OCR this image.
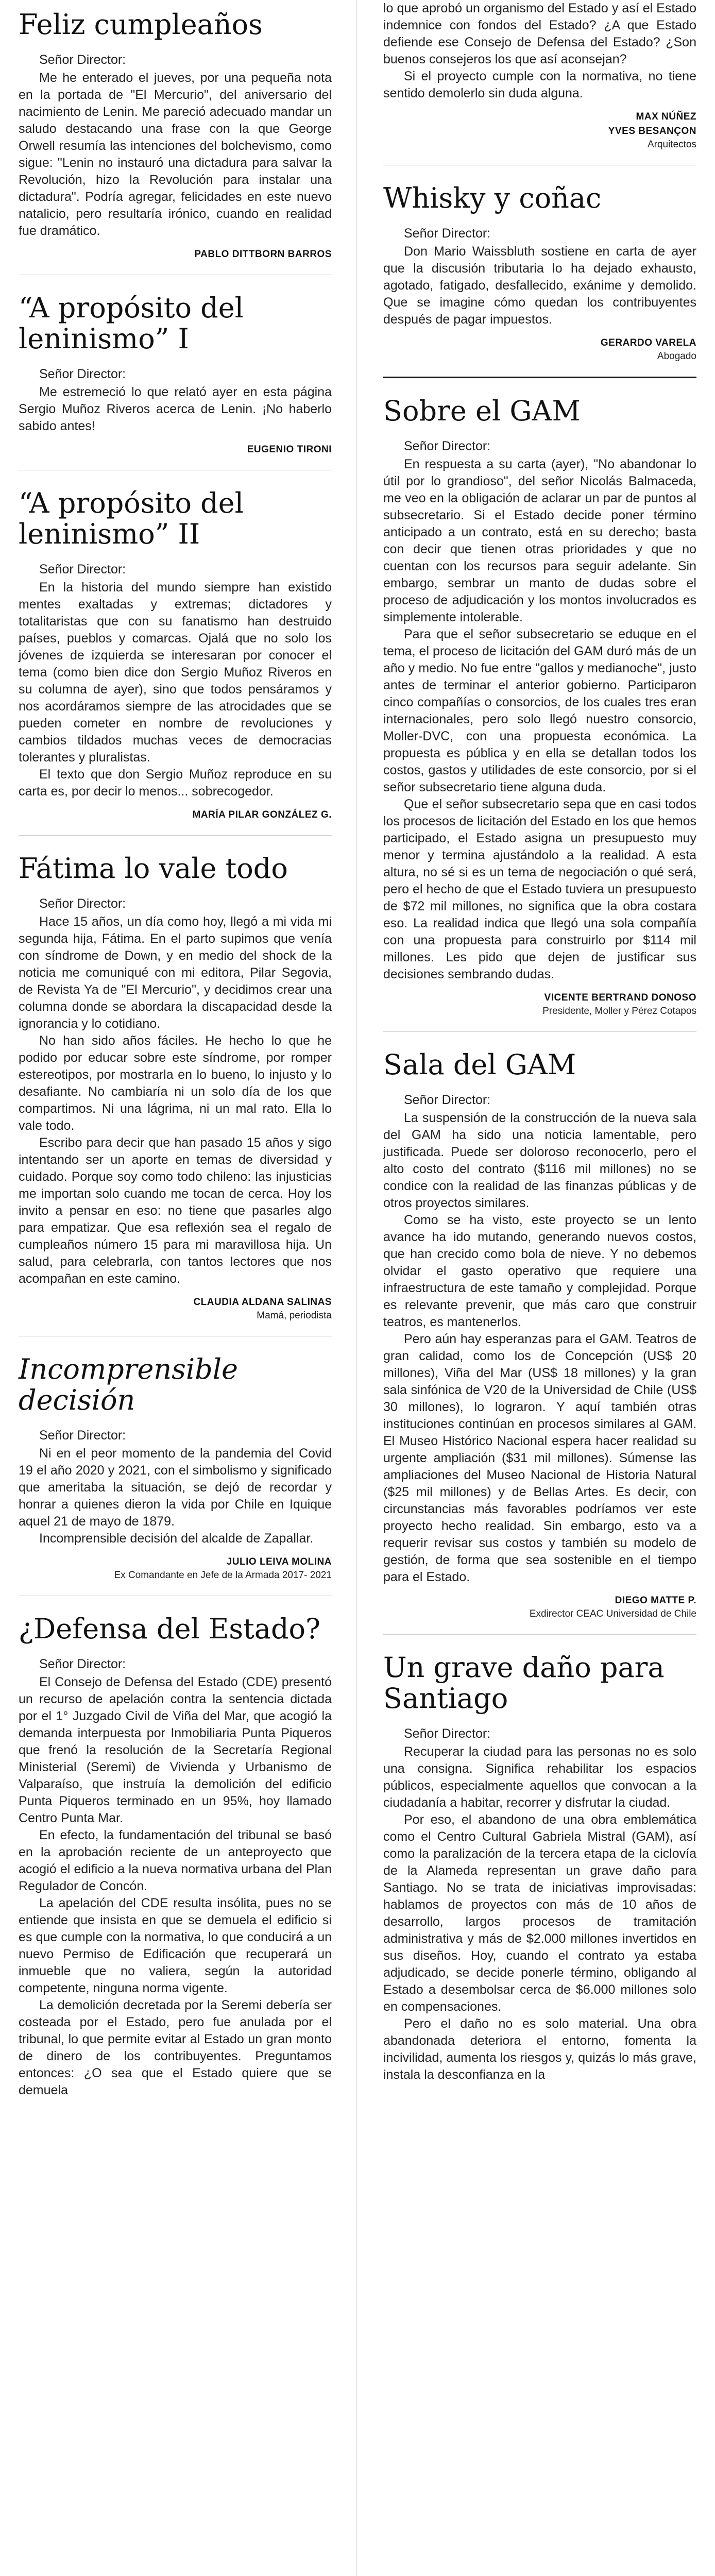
Feliz cumpleaños

Señor Director:

Me he enterado el jueves, por una pequeña nota en la portada de "El Mercurio", del aniversario del nacimiento de Lenin. Me pareció adecuado mandar un saludo destacando una frase con la que George Orwell resumía las intenciones del bolchevismo, como sigue: "Lenin no instauró una dictadura para salvar la Revolución, hizo la Revolución para instalar una dictadura". Podría agregar, felicidades en este nuevo natalicio, pero resultaría irónico, cuando en realidad fue dramático.

PABLO DITTBORN BARROS

“A propósito del leninismo” I

Señor Director:

Me estremeció lo que relató ayer en esta página Sergio Muñoz Riveros acerca de Lenin. ¡No haberlo sabido antes!

EUGENIO TIRONI

“A propósito del leninismo” II

Señor Director:

En la historia del mundo siempre han existido mentes exaltadas y extremas; dictadores y totalitaristas que con su fanatismo han destruido países, pueblos y comarcas. Ojalá que no solo los jóvenes de izquierda se interesaran por conocer el tema (como bien dice don Sergio Muñoz Riveros en su columna de ayer), sino que todos pensáramos y nos acordáramos siempre de las atrocidades que se pueden cometer en nombre de revoluciones y cambios tildados muchas veces de democracias tolerantes y pluralistas.

El texto que don Sergio Muñoz reproduce en su carta es, por decir lo menos... sobrecogedor.

MARÍA PILAR GONZÁLEZ G.

Fátima lo vale todo

Señor Director:

Hace 15 años, un día como hoy, llegó a mi vida mi segunda hija, Fátima. En el parto supimos que venía con síndrome de Down, y en medio del shock de la noticia me comuniqué con mi editora, Pilar Segovia, de Revista Ya de "El Mercurio", y decidimos crear una columna donde se abordara la discapacidad desde la ignorancia y lo cotidiano.

No han sido años fáciles. He hecho lo que he podido por educar sobre este síndrome, por romper estereotipos, por mostrarla en lo bueno, lo injusto y lo desafiante. No cambiaría ni un solo día de los que compartimos. Ni una lágrima, ni un mal rato. Ella lo vale todo.

Escribo para decir que han pasado 15 años y sigo intentando ser un aporte en temas de diversidad y cuidado. Porque soy como todo chileno: las injusticias me importan solo cuando me tocan de cerca. Hoy los invito a pensar en eso: no tiene que pasarles algo para empatizar. Que esa reflexión sea el regalo de cumpleaños número 15 para mi maravillosa hija. Un salud, para celebrarla, con tantos lectores que nos acompañan en este camino.

CLAUDIA ALDANA SALINAS

Mamá, periodista

Incomprensible decisión

Señor Director:

Ni en el peor momento de la pandemia del Covid 19 el año 2020 y 2021, con el simbolismo y significado que ameritaba la situación, se dejó de recordar y honrar a quienes dieron la vida por Chile en Iquique aquel 21 de mayo de 1879.

Incomprensible decisión del alcalde de Zapallar.

JULIO LEIVA MOLINA

Ex Comandante en Jefe de la Armada 2017- 2021

¿Defensa del Estado?

Señor Director:

El Consejo de Defensa del Estado (CDE) presentó un recurso de apelación contra la sentencia dictada por el 1° Juzgado Civil de Viña del Mar, que acogió la demanda interpuesta por Inmobiliaria Punta Piqueros que frenó la resolución de la Secretaría Regional Ministerial (Seremi) de Vivienda y Urbanismo de Valparaíso, que instruía la demolición del edificio Punta Piqueros terminado en un 95%, hoy llamado Centro Punta Mar.

En efecto, la fundamentación del tribunal se basó en la aprobación reciente de un anteproyecto que acogió el edificio a la nueva normativa urbana del Plan Regulador de Concón.

La apelación del CDE resulta insólita, pues no se entiende que insista en que se demuela el edificio si es que cumple con la normativa, lo que conducirá a un nuevo Permiso de Edificación que recuperará un inmueble que no valiera, según la autoridad competente, ninguna norma vigente.

La demolición decretada por la Seremi debería ser costeada por el Estado, pero fue anulada por el tribunal, lo que permite evitar al Estado un gran monto de dinero de los contribuyentes. Preguntamos entonces: ¿O sea que el Estado quiere que se demuela

lo que aprobó un organismo del Estado y así el Estado indemnice con fondos del Estado? ¿A que Estado defiende ese Consejo de Defensa del Estado? ¿Son buenos consejeros los que así aconsejan?

Si el proyecto cumple con la normativa, no tiene sentido demolerlo sin duda alguna.

MAX NÚÑEZ

YVES BESANÇON

Arquitectos

Whisky y coñac

Señor Director:

Don Mario Waissbluth sostiene en carta de ayer que la discusión tributaria lo ha dejado exhausto, agotado, fatigado, desfallecido, exánime y demolido. Que se imagine cómo quedan los contribuyentes después de pagar impuestos.

GERARDO VARELA

Abogado

Sobre el GAM

Señor Director:

En respuesta a su carta (ayer), "No abandonar lo útil por lo grandioso", del señor Nicolás Balmaceda, me veo en la obligación de aclarar un par de puntos al subsecretario. Si el Estado decide poner término anticipado a un contrato, está en su derecho; basta con decir que tienen otras prioridades y que no cuentan con los recursos para seguir adelante. Sin embargo, sembrar un manto de dudas sobre el proceso de adjudicación y los montos involucrados es simplemente intolerable.

Para que el señor subsecretario se eduque en el tema, el proceso de licitación del GAM duró más de un año y medio. No fue entre "gallos y medianoche", justo antes de terminar el anterior gobierno. Participaron cinco compañías o consorcios, de los cuales tres eran internacionales, pero solo llegó nuestro consorcio, Moller-DVC, con una propuesta económica. La propuesta es pública y en ella se detallan todos los costos, gastos y utilidades de este consorcio, por si el señor subsecretario tiene alguna duda.

Que el señor subsecretario sepa que en casi todos los procesos de licitación del Estado en los que hemos participado, el Estado asigna un presupuesto muy menor y termina ajustándolo a la realidad. A esta altura, no sé si es un tema de negociación o qué será, pero el hecho de que el Estado tuviera un presupuesto de $72 mil millones, no significa que la obra costara eso. La realidad indica que llegó una sola compañía con una propuesta para construirlo por $114 mil millones. Les pido que dejen de justificar sus decisiones sembrando dudas.

VICENTE BERTRAND DONOSO

Presidente, Moller y Pérez Cotapos

Sala del GAM

Señor Director:

La suspensión de la construcción de la nueva sala del GAM ha sido una noticia lamentable, pero justificada. Puede ser doloroso reconocerlo, pero el alto costo del contrato ($116 mil millones) no se condice con la realidad de las finanzas públicas y de otros proyectos similares.

Como se ha visto, este proyecto se un lento avance ha ido mutando, generando nuevos costos, que han crecido como bola de nieve. Y no debemos olvidar el gasto operativo que requiere una infraestructura de este tamaño y complejidad. Porque es relevante prevenir, que más caro que construir teatros, es mantenerlos.

Pero aún hay esperanzas para el GAM. Teatros de gran calidad, como los de Concepción (US$ 20 millones), Viña del Mar (US$ 18 millones) y la gran sala sinfónica de V20 de la Universidad de Chile (US$ 30 millones), lo lograron. Y aquí también otras instituciones continúan en procesos similares al GAM. El Museo Histórico Nacional espera hacer realidad su urgente ampliación ($31 mil millones). Súmense las ampliaciones del Museo Nacional de Historia Natural ($25 mil millones) y de Bellas Artes. Es decir, con circunstancias más favorables podríamos ver este proyecto hecho realidad. Sin embargo, esto va a requerir revisar sus costos y también su modelo de gestión, de forma que sea sostenible en el tiempo para el Estado.

DIEGO MATTE P.

Exdirector CEAC Universidad de Chile

Un grave daño para Santiago

Señor Director:

Recuperar la ciudad para las personas no es solo una consigna. Significa rehabilitar los espacios públicos, especialmente aquellos que convocan a la ciudadanía a habitar, recorrer y disfrutar la ciudad.

Por eso, el abandono de una obra emblemática como el Centro Cultural Gabriela Mistral (GAM), así como la paralización de la tercera etapa de la ciclovía de la Alameda representan un grave daño para Santiago. No se trata de iniciativas improvisadas: hablamos de proyectos con más de 10 años de desarrollo, largos procesos de tramitación administrativa y más de $2.000 millones invertidos en sus diseños. Hoy, cuando el contrato ya estaba adjudicado, se decide ponerle término, obligando al Estado a desembolsar cerca de $6.000 millones solo en compensaciones.

Pero el daño no es solo material. Una obra abandonada deteriora el entorno, fomenta la incivilidad, aumenta los riesgos y, quizás lo más grave, instala la desconfianza en la
